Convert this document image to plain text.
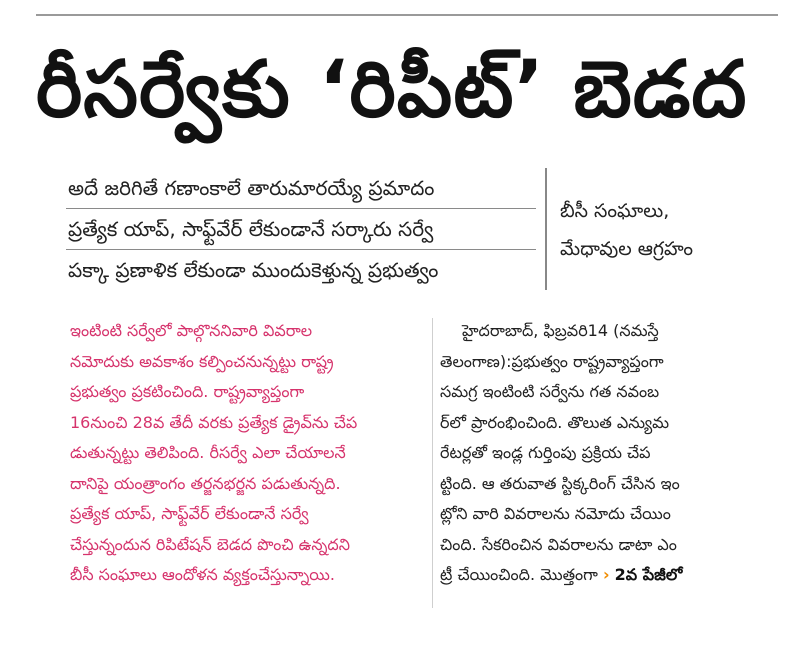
రీసర్వేకు ‘రిపీట్‌’ బెడద
అదే జరిగితే గణాంకాలే తారుమారయ్యే ప్రమాదం
ప్రత్యేక యాప్‌, సాఫ్ట్‌వేర్‌ లేకుండానే సర్కారు సర్వే
పక్కా ప్రణాళిక లేకుండా ముందుకెళ్తున్న ప్రభుత్వం
బీసీ సంఘాలు,
మేధావుల ఆగ్రహం
ఇంటింటి సర్వేలో పాల్గొననివారి వివరాల
నమోదుకు అవకాశం కల్పించనున్నట్టు రాష్ట్ర
ప్రభుత్వం ప్రకటించింది. రాష్ట్రవ్యాప్తంగా
16నుంచి 28వ తేదీ వరకు ప్రత్యేక డ్రైవ్‌ను చేప
డుతున్నట్టు తెలిపింది. రీసర్వే ఎలా చేయాలనే
దానిపై యంత్రాంగం తర్జనభర్జన పడుతున్నది.
ప్రత్యేక యాప్‌, సాఫ్ట్‌వేర్‌ లేకుండానే సర్వే
చేస్తున్నందున రిపిటేషన్‌ బెడద పొంచి ఉన్నదని
బీసీ సంఘాలు ఆందోళన వ్యక్తంచేస్తున్నాయి.
హైదరాబాద్‌, ఫిబ్రవరి14 (నమస్తే
తెలంగాణ):ప్రభుత్వం రాష్ట్రవ్యాప్తంగా
సమగ్ర ఇంటింటి సర్వేను గత నవంబ
ర్‌లో ప్రారంభించింది. తొలుత ఎన్యుమ
రేటర్లతో ఇండ్ల గుర్తింపు ప్రక్రియ చేప
ట్టింది. ఆ తరువాత స్టిక్కరింగ్‌ చేసిన ఇం
ట్లోని వారి వివరాలను నమోదు చేయిం
చింది. సేకరించిన వివరాలను డాటా ఎం
ట్రీ చేయించింది. మొత్తంగా › 2వ పేజీలో
